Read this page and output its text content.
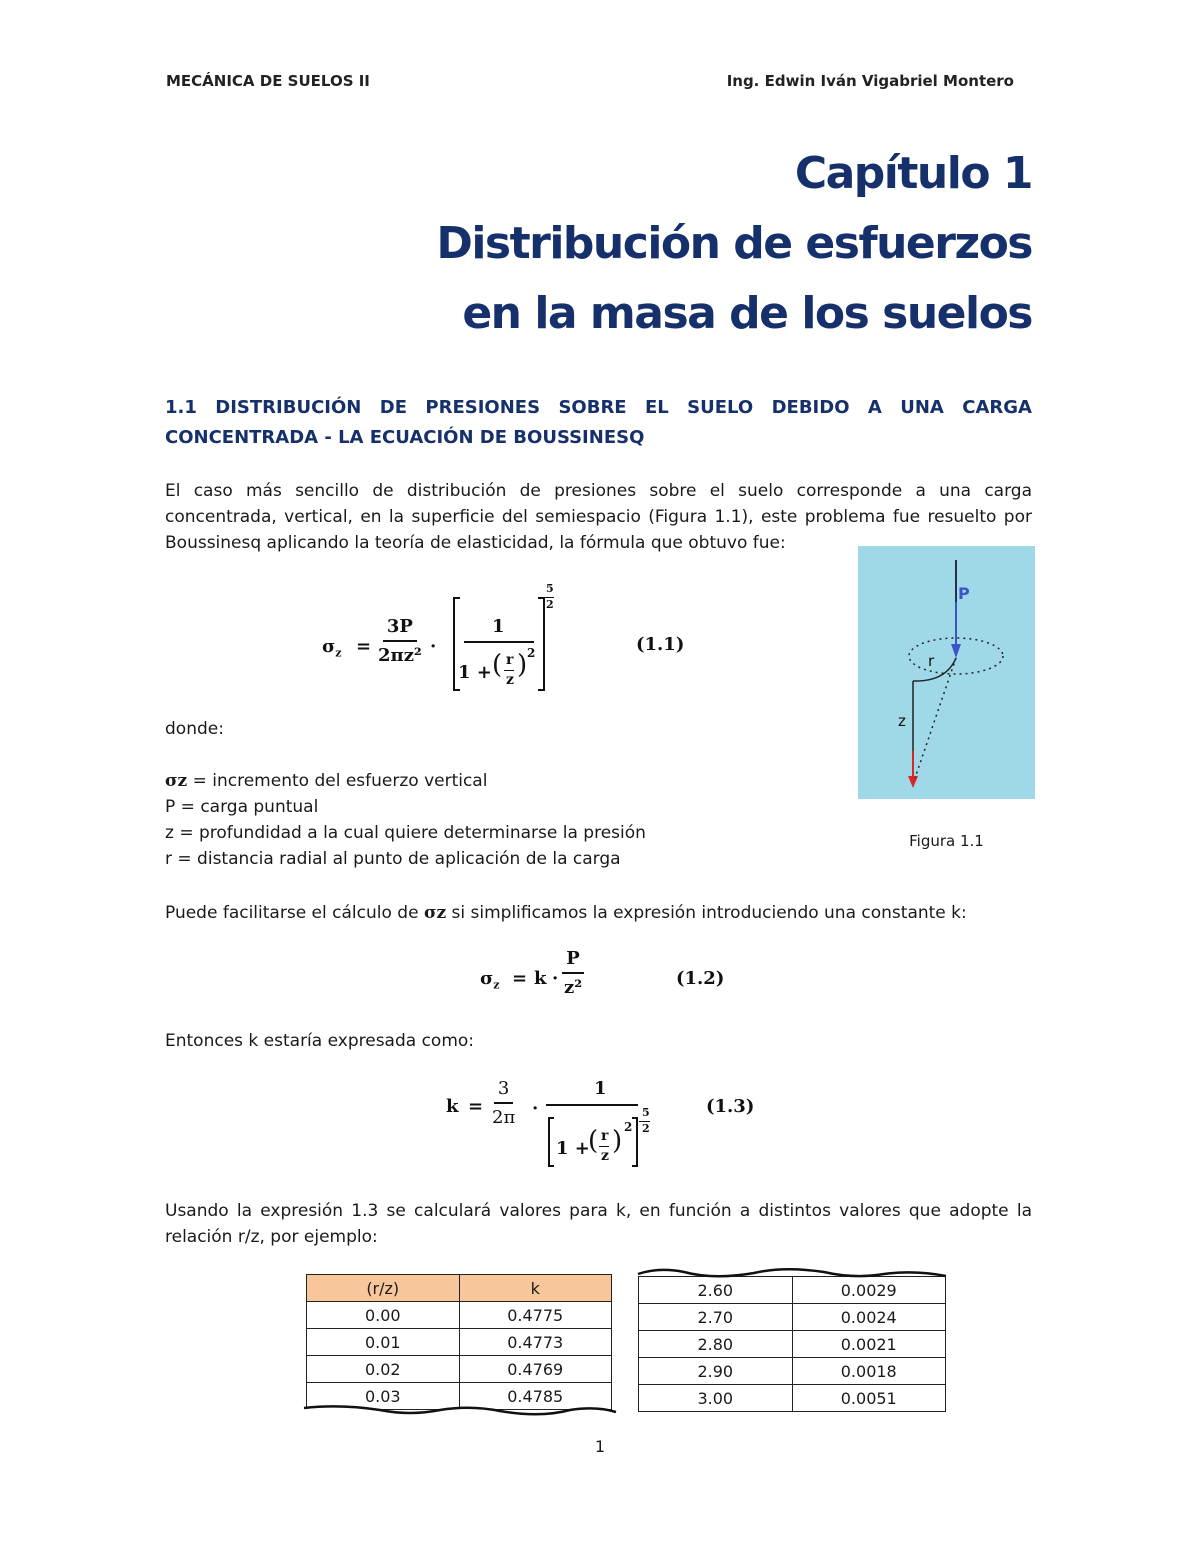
MECÁNICA DE SUELOS II	Ing. Edwin Iván Vigabriel Montero
Capítulo 1
Distribución de esfuerzos
en la masa de los suelos
1.1 DISTRIBUCIÓN DE PRESIONES SOBRE EL SUELO DEBIDO A UNA CARGA CONCENTRADA - LA ECUACIÓN DE BOUSSINESQ
El caso más sencillo de distribución de presiones sobre el suelo corresponde a una carga
concentrada, vertical, en la superficie del semiespacio (Figura 1.1), este problema fue resuelto por
Boussinesq aplicando la teoría de elasticidad, la fórmula que obtuvo fue:
$\sigma_z = \frac{3P}{\text{2πz²}}$ ·
1
1 + ( r
z ) 2
5
2
(1.1)
donde:
σz = incremento del esfuerzo vertical
P = carga puntual
z = profundidad a la cual quiere determinarse la presión
r = distancia radial al punto de aplicación de la carga
P
r
z
Figura 1.1
Puede facilitarse el cálculo de σz si simplificamos la expresión introduciendo una constante k:
$\sigma_z = k \cdot \frac{P}{\text{z²}}$	(1.2)
Entonces k estaría expresada como:
$k = \frac{3}{2\pi}$ ·
1
1 +
( r
z ) 2
5
2
(1.3)
Usando la expresión 1.3 se calculará valores para k, en función a distintos valores que adopte la
relación r/z, por ejemplo:
(r/z)	k
0.00	0.4775
0.01	0.4773
0.02	0.4769
0.03	0.4785
2.60	0.0029
2.70	0.0024
2.80	0.0021
2.90	0.0018
3.00	0.0051
1
